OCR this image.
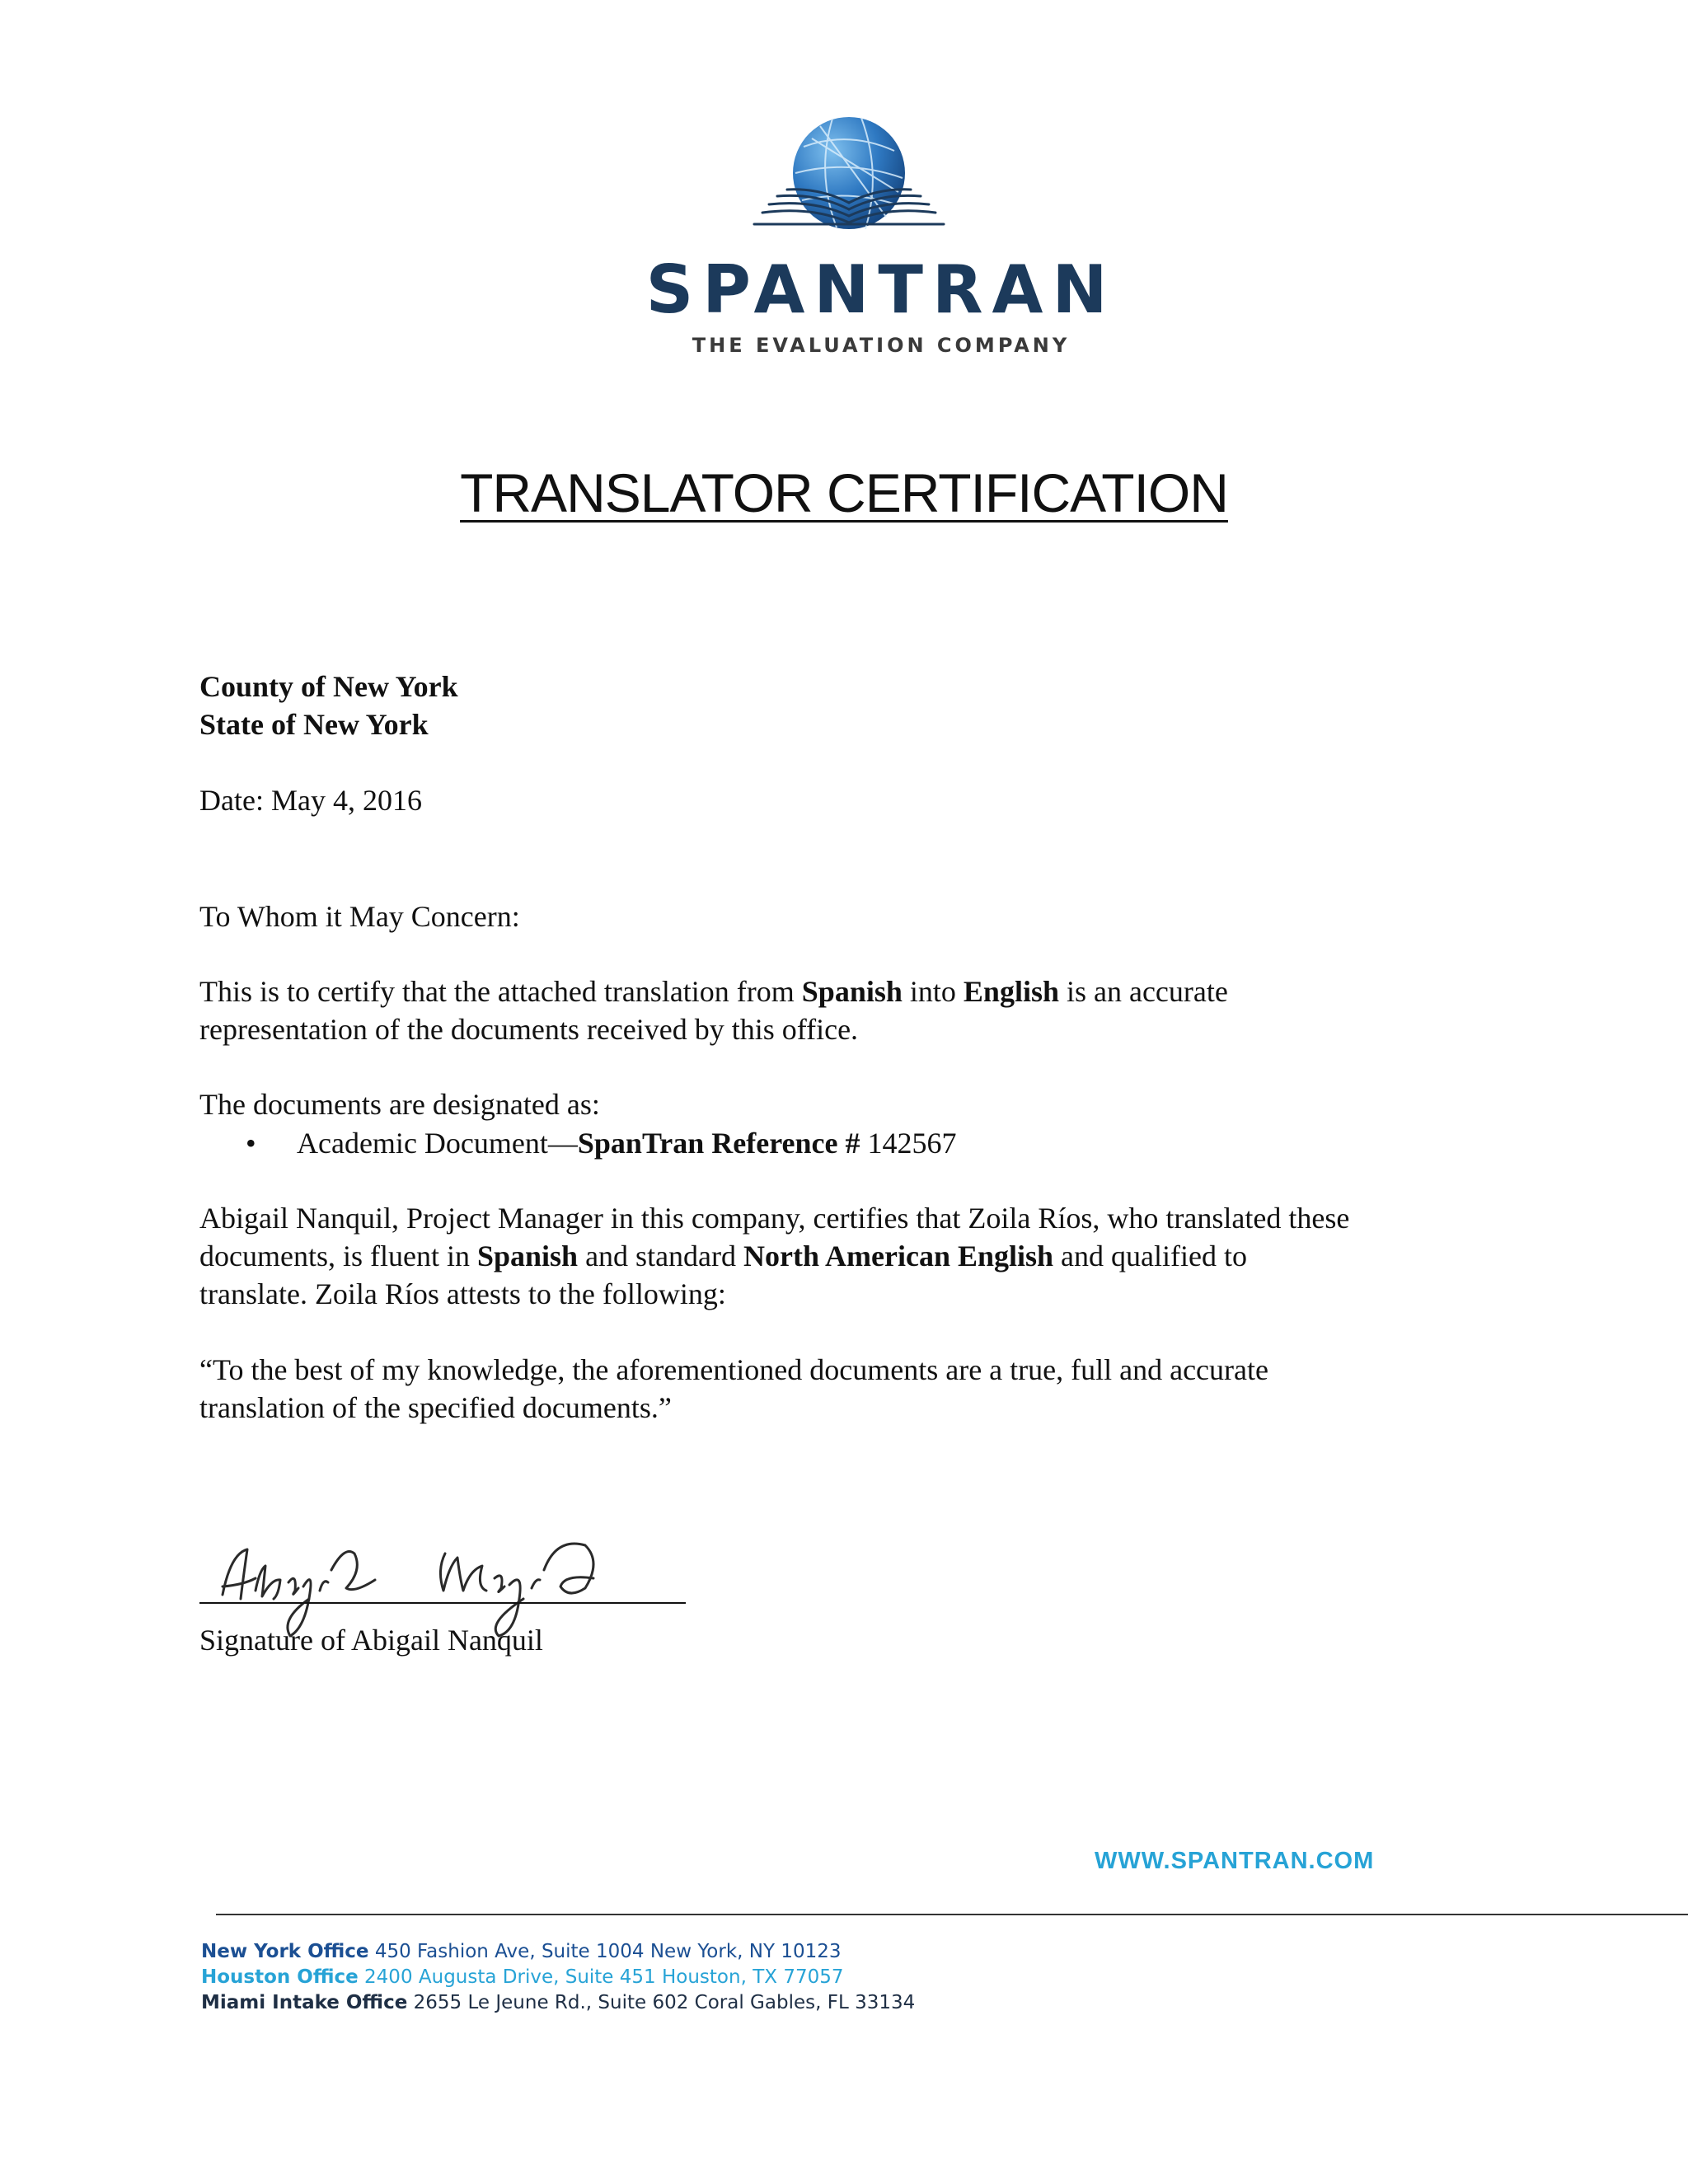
SPANTRAN
THE EVALUATION COMPANY
TRANSLATOR CERTIFICATION
County of New York
State of New York
Date: May 4, 2016
To Whom it May Concern:
This is to certify that the attached translation from Spanish into English is an accurate
representation of the documents received by this office.
The documents are designated as:
• Academic Document—SpanTran Reference # 142567
Abigail Nanquil, Project Manager in this company, certifies that Zoila Ríos, who translated these
documents, is fluent in Spanish and standard North American English and qualified to
translate. Zoila Ríos attests to the following:
“To the best of my knowledge, the aforementioned documents are a true, full and accurate
translation of the specified documents.”
Signature of Abigail Nanquil
WWW.SPANTRAN.COM
New York Office 450 Fashion Ave, Suite 1004 New York, NY 10123
Houston Office 2400 Augusta Drive, Suite 451 Houston, TX 77057
Miami Intake Office 2655 Le Jeune Rd., Suite 602 Coral Gables, FL 33134
